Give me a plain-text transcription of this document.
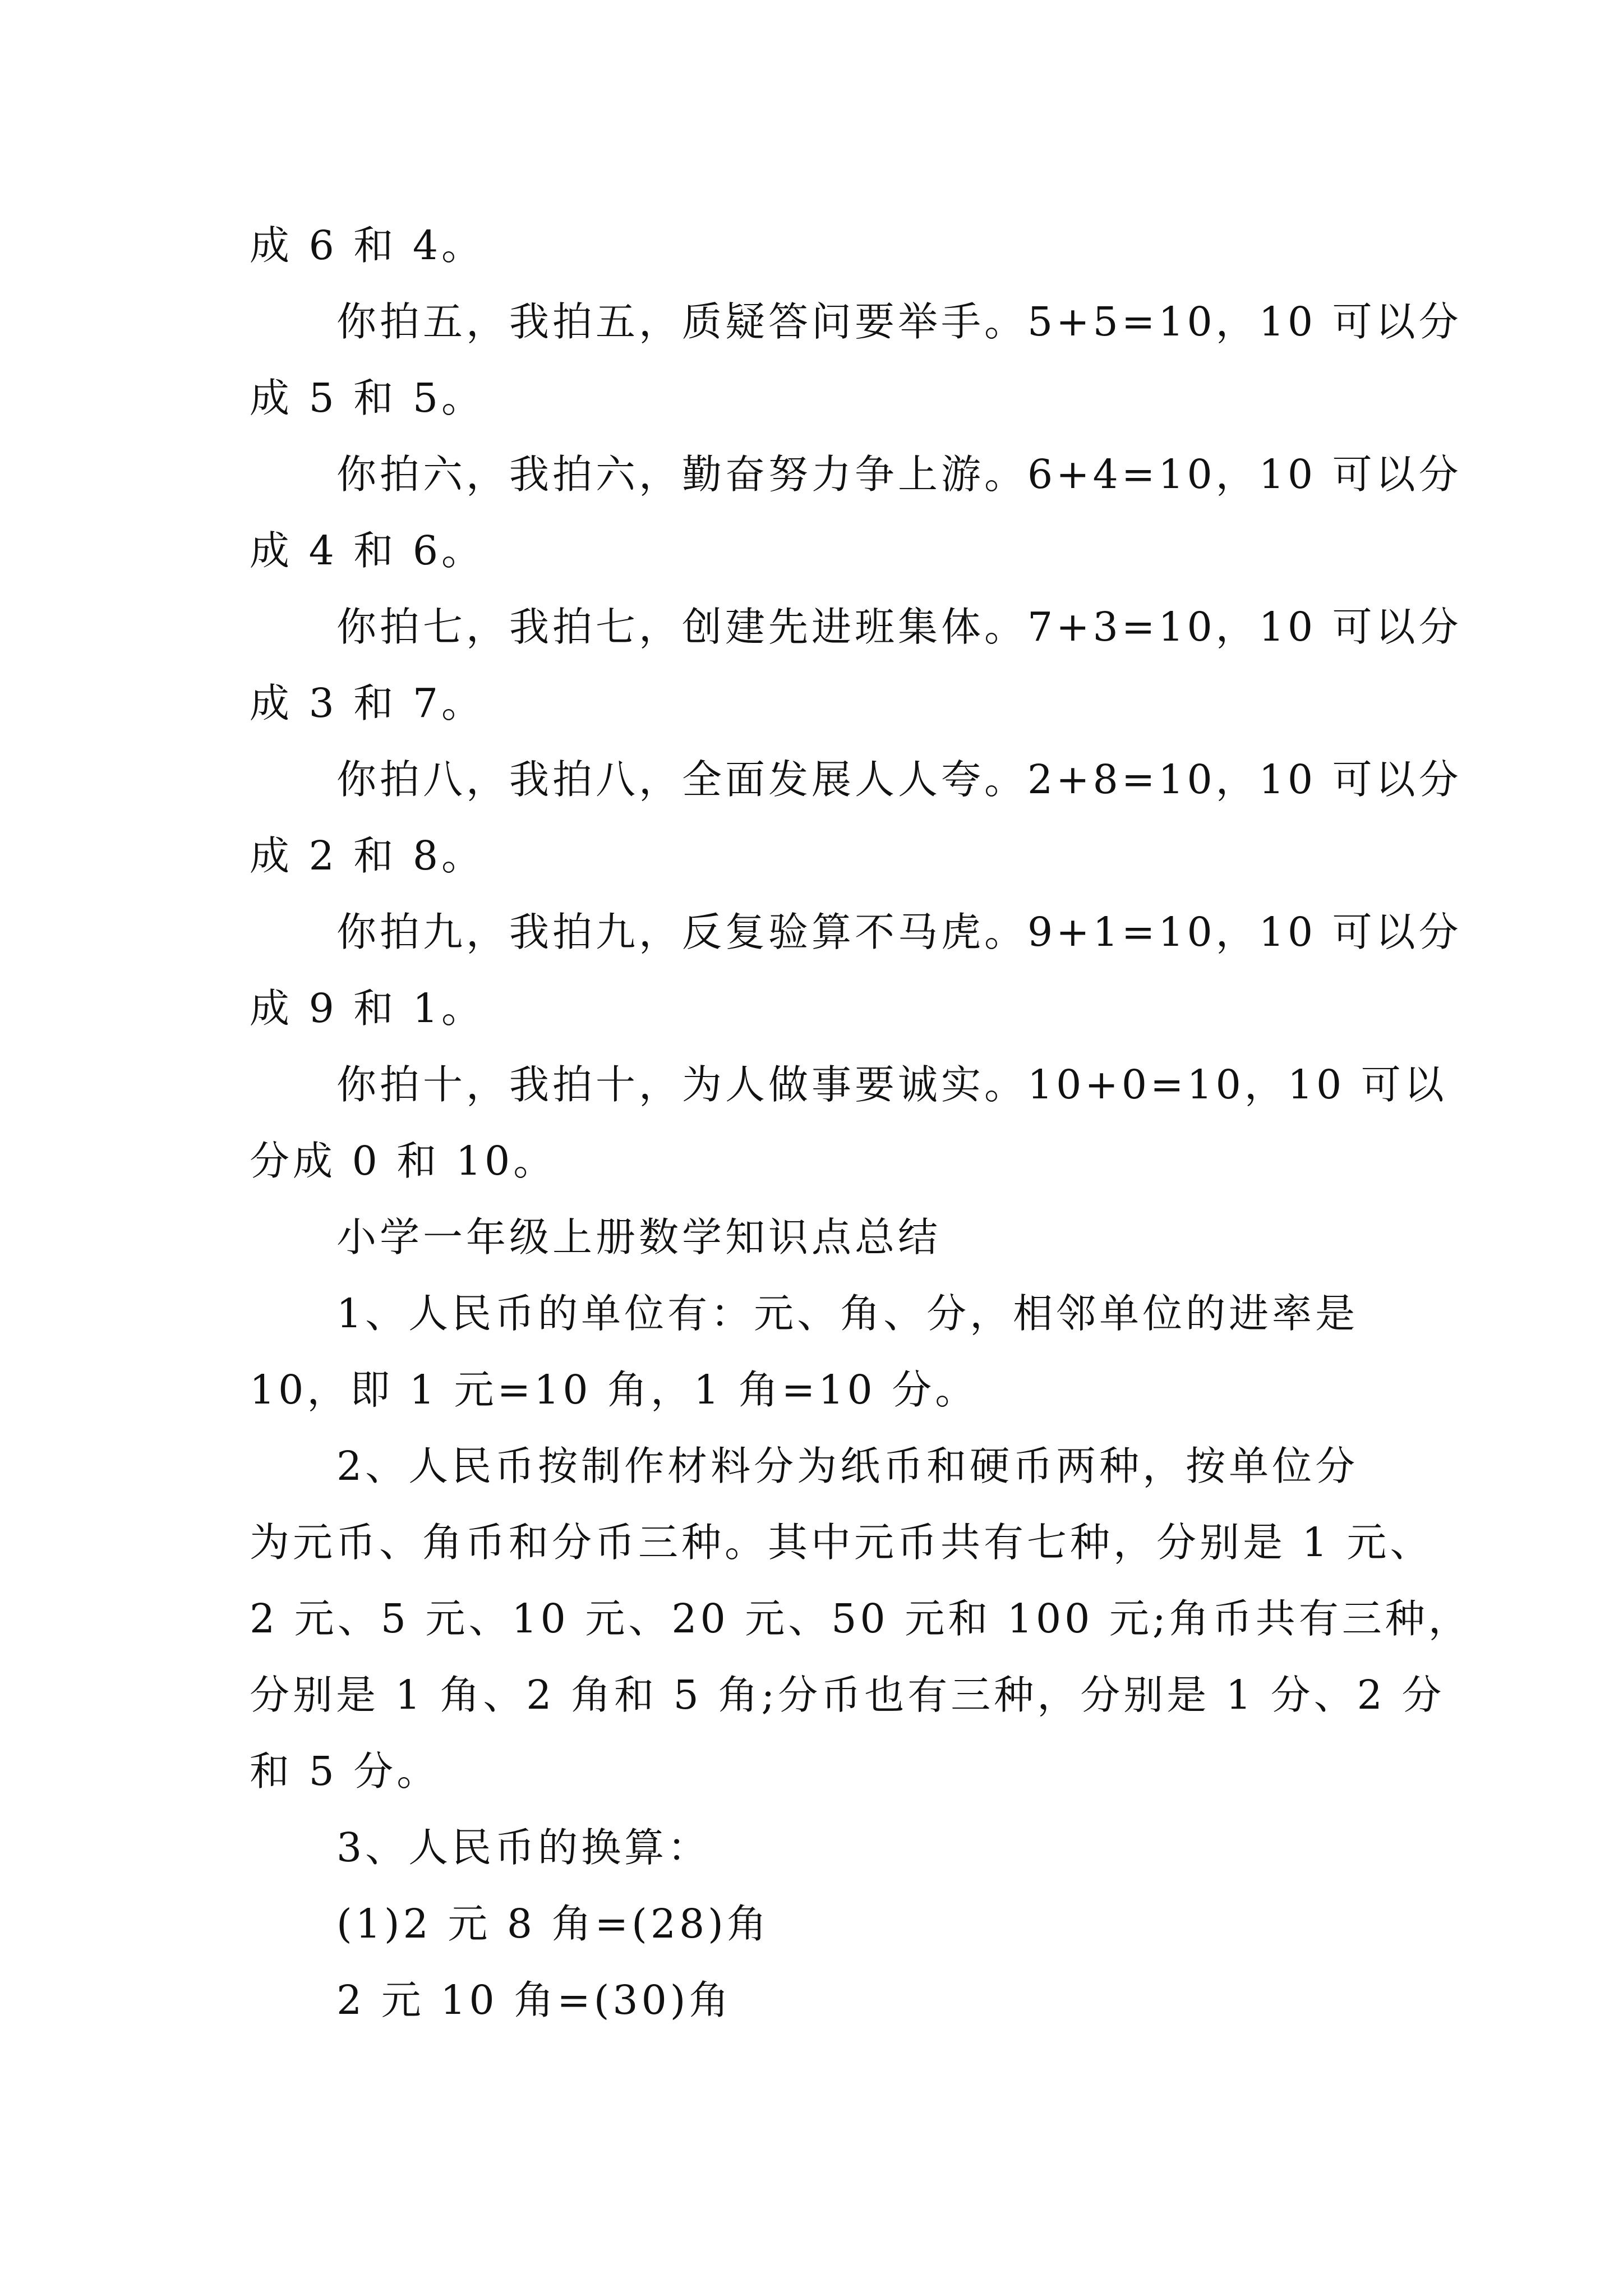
成 6 和 4。
你拍五，我拍五，质疑答问要举手。5+5=10，10 可以分
成 5 和 5。
你拍六，我拍六，勤奋努力争上游。6+4=10，10 可以分
成 4 和 6。
你拍七，我拍七，创建先进班集体。7+3=10，10 可以分
成 3 和 7。
你拍八，我拍八，全面发展人人夸。2+8=10，10 可以分
成 2 和 8。
你拍九，我拍九，反复验算不马虎。9+1=10，10 可以分
成 9 和 1。
你拍十，我拍十，为人做事要诚实。10+0=10，10 可以
分成 0 和 10。
小学一年级上册数学知识点总结
1、人民币的单位有：元、角、分，相邻单位的进率是
10，即 1 元=10 角，1 角=10 分。
2、人民币按制作材料分为纸币和硬币两种，按单位分
为元币、角币和分币三种。其中元币共有七种，分别是 1 元、
2 元、5 元、10 元、20 元、50 元和 100 元;角币共有三种，
分别是 1 角、2 角和 5 角;分币也有三种，分别是 1 分、2 分
和 5 分。
3、人民币的换算：
(1)2 元 8 角=(28)角
2 元 10 角=(30)角
